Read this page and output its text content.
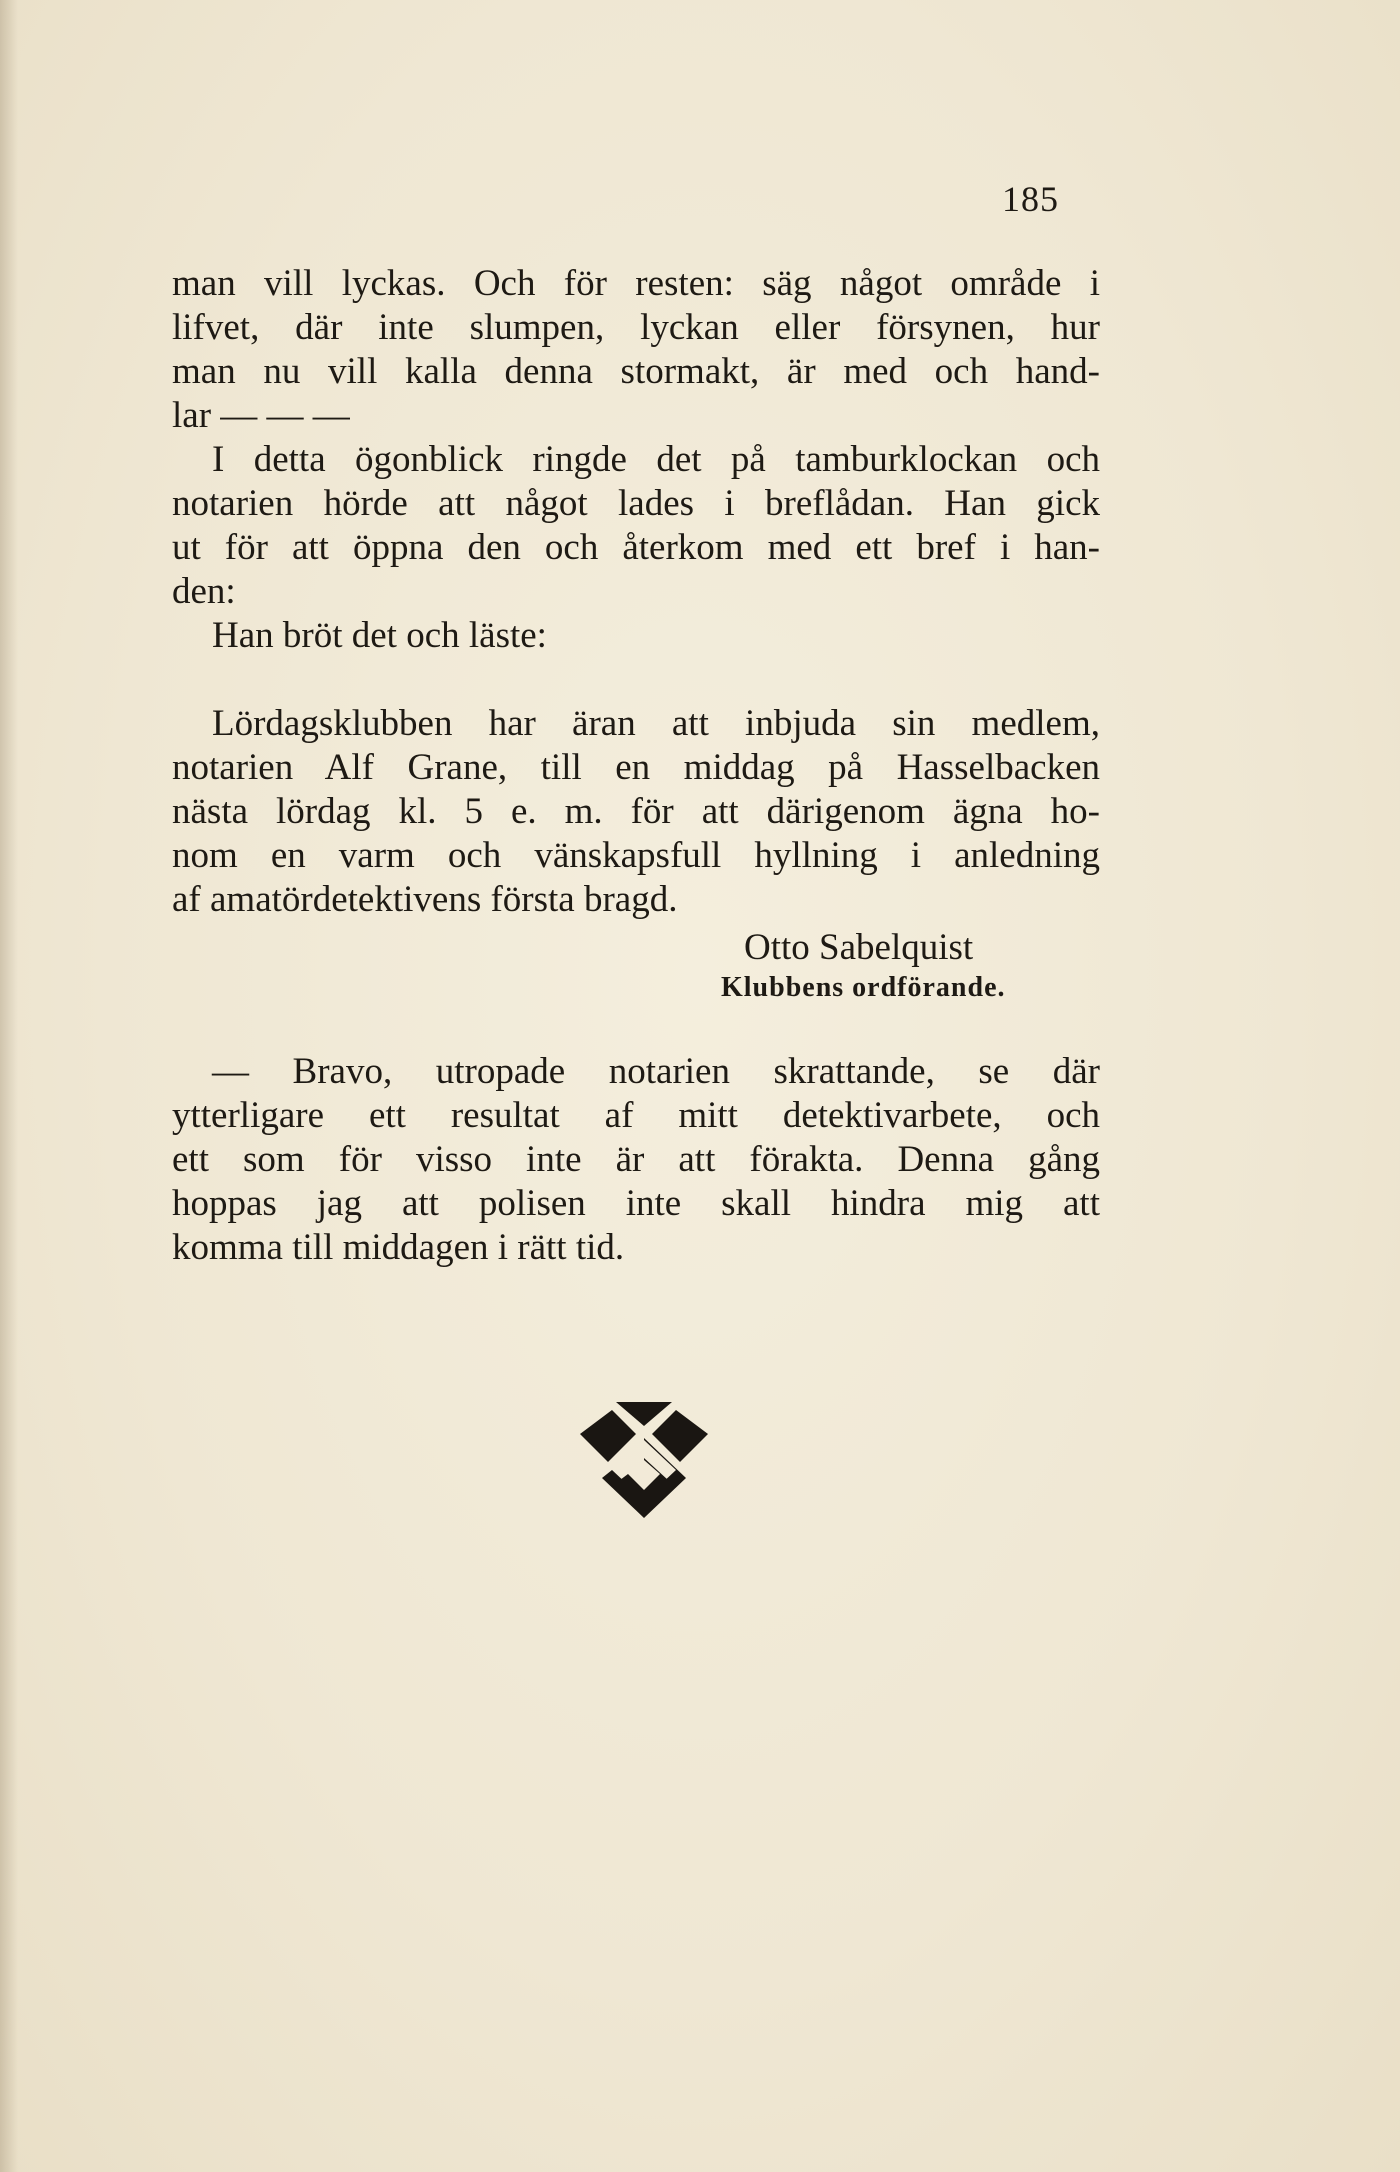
185
man vill lyckas. Och för resten: säg något område i
lifvet, där inte slumpen, lyckan eller försynen, hur
man nu vill kalla denna stormakt, är med och hand-
lar — — —
I detta ögonblick ringde det på tamburklockan och
notarien hörde att något lades i breflådan. Han gick
ut för att öppna den och återkom med ett bref i han-
den:
Han bröt det och läste:
Lördagsklubben har äran att inbjuda sin medlem,
notarien Alf Grane, till en middag på Hasselbacken
nästa lördag kl. 5 e. m. för att därigenom ägna ho-
nom en varm och vänskapsfull hyllning i anledning
af amatördetektivens första bragd.
Otto Sabelquist
Klubbens ordförande.
— Bravo, utropade notarien skrattande, se där
ytterligare ett resultat af mitt detektivarbete, och
ett som för visso inte är att förakta. Denna gång
hoppas jag att polisen inte skall hindra mig att
komma till middagen i rätt tid.
